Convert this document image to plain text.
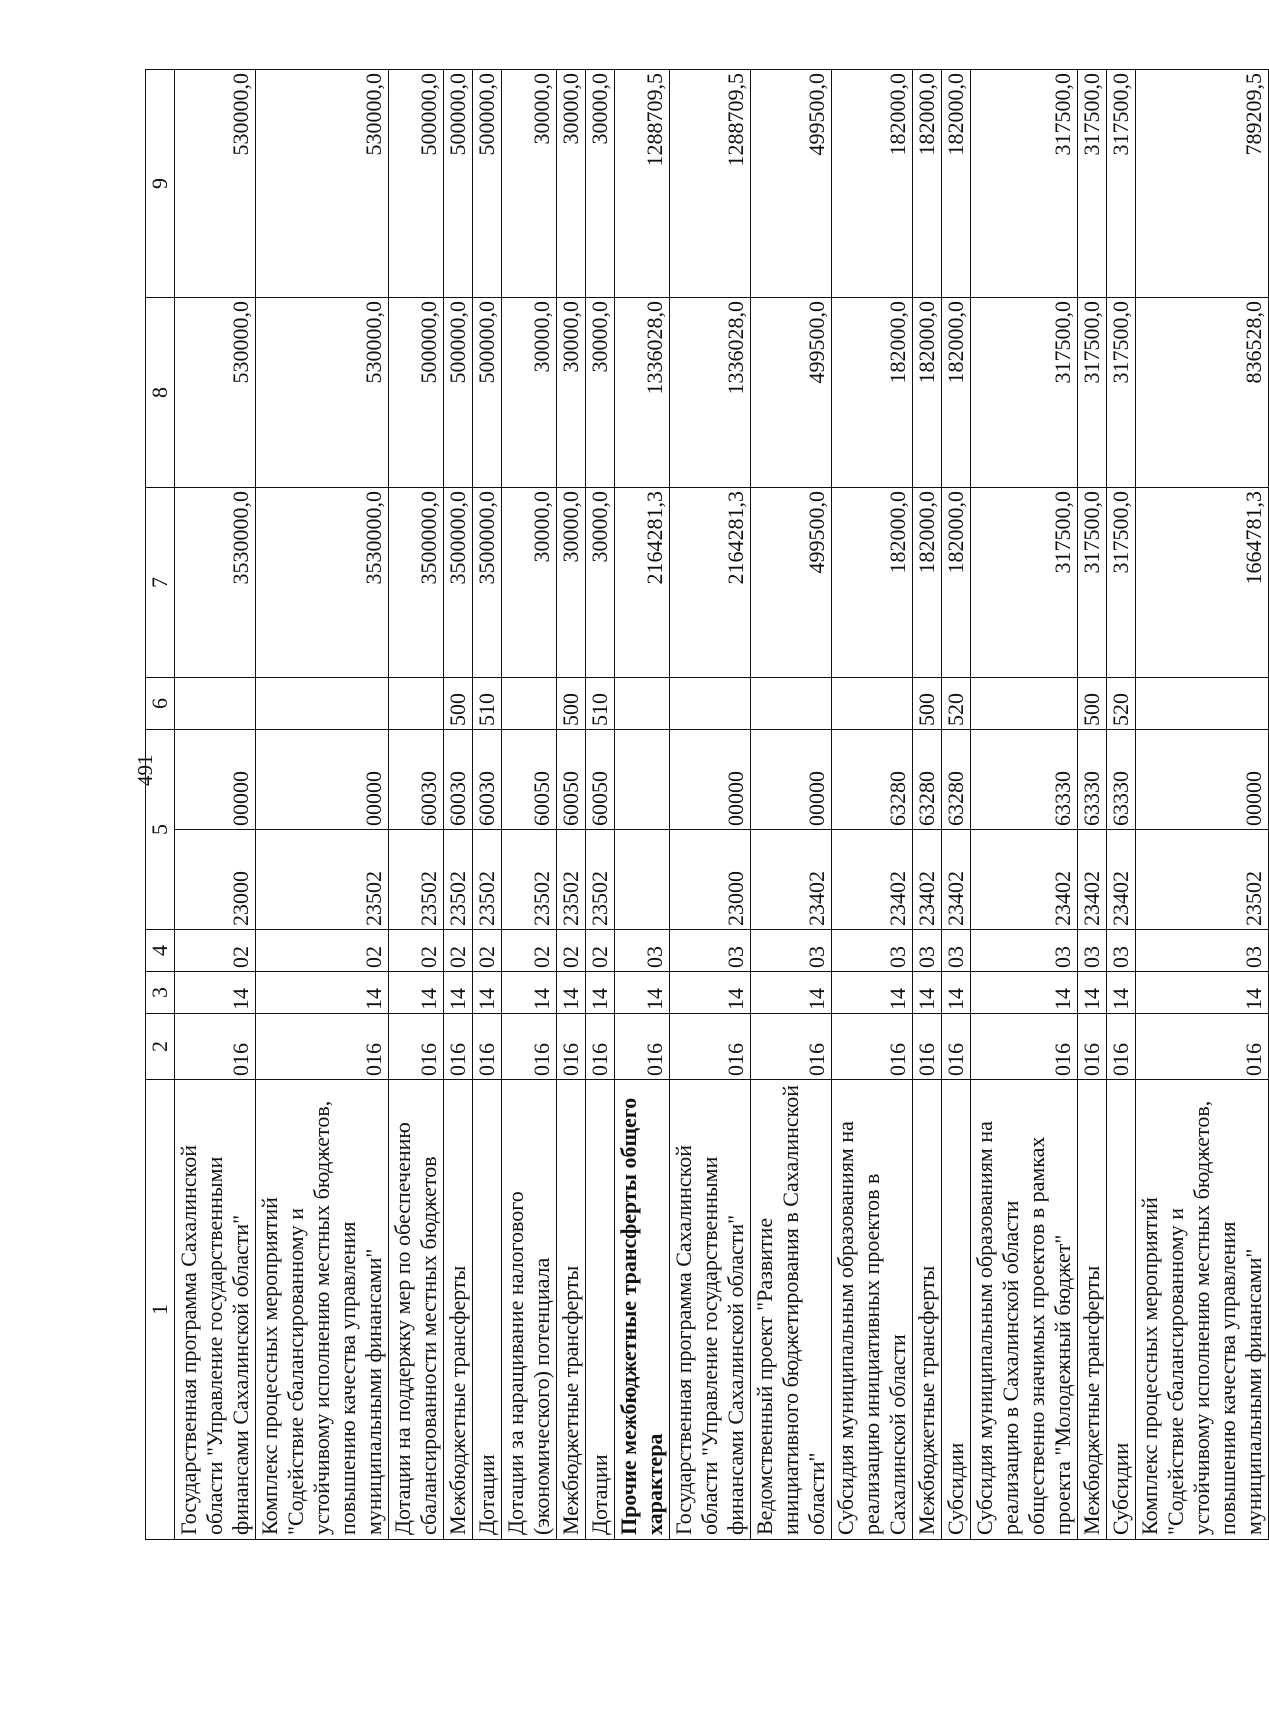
491
1	2	3	4	5		6	7	8	9
Государственная программа Сахалинской области "Управление государственными финансами Сахалинской области"	016	14	02	23000	00000		3530000,0	530000,0	530000,0
Комплекс процессных мероприятий "Содействие сбалансированному и устойчивому исполнению местных бюджетов, повышению качества управления муниципальными финансами"	016	14	02	23502	00000		3530000,0	530000,0	530000,0
Дотации на поддержку мер по обеспечению сбалансированности местных бюджетов	016	14	02	23502	60030		3500000,0	500000,0	500000,0
Межбюджетные трансферты	016	14	02	23502	60030	500	3500000,0	500000,0	500000,0
Дотации	016	14	02	23502	60030	510	3500000,0	500000,0	500000,0
Дотации за наращивание налогового (экономического) потенциала	016	14	02	23502	60050		30000,0	30000,0	30000,0
Межбюджетные трансферты	016	14	02	23502	60050	500	30000,0	30000,0	30000,0
Дотации	016	14	02	23502	60050	510	30000,0	30000,0	30000,0
Прочие межбюджетные трансферты общего характера	016	14	03				2164281,3	1336028,0	1288709,5
Государственная программа Сахалинской области "Управление государственными финансами Сахалинской области"	016	14	03	23000	00000		2164281,3	1336028,0	1288709,5
Ведомственный проект "Развитие инициативного бюджетирования в Сахалинской области"	016	14	03	23402	00000		499500,0	499500,0	499500,0
Субсидия муниципальным образованиям на реализацию инициативных проектов в Сахалинской области	016	14	03	23402	63280		182000,0	182000,0	182000,0
Межбюджетные трансферты	016	14	03	23402	63280	500	182000,0	182000,0	182000,0
Субсидии	016	14	03	23402	63280	520	182000,0	182000,0	182000,0
Субсидия муниципальным образованиям на реализацию в Сахалинской области общественно значимых проектов в рамках проекта "Молодежный бюджет"	016	14	03	23402	63330		317500,0	317500,0	317500,0
Межбюджетные трансферты	016	14	03	23402	63330	500	317500,0	317500,0	317500,0
Субсидии	016	14	03	23402	63330	520	317500,0	317500,0	317500,0
Комплекс процессных мероприятий "Содействие сбалансированному и устойчивому исполнению местных бюджетов, повышению качества управления муниципальными финансами"	016	14	03	23502	00000		1664781,3	836528,0	789209,5
